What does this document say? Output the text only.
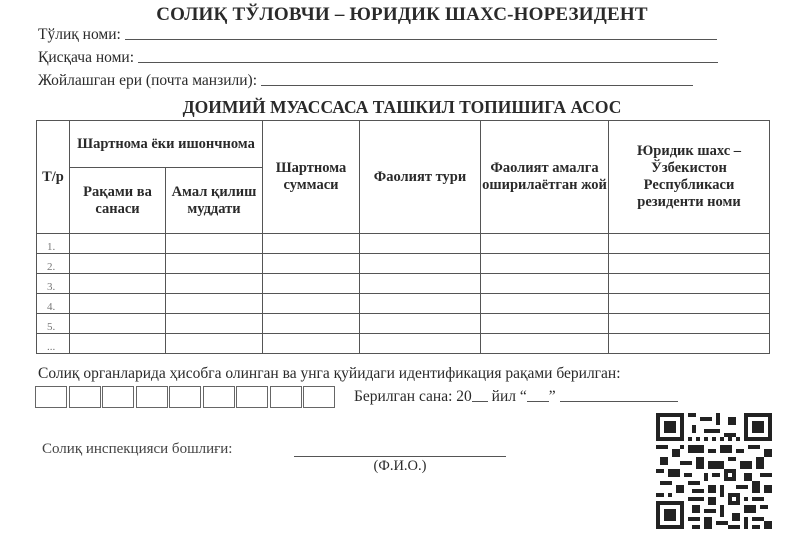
СОЛИҚ ТЎЛОВЧИ – ЮРИДИК ШАХС-НОРЕЗИДЕНТ
Тўлиқ номи:
Қисқача номи:
Жойлашган ери (почта манзили):
ДОИМИЙ МУАССАСА ТАШКИЛ ТОПИШИГА АСОС
Т/р	Шартнома ёки ишончнома		Шартнома суммаси	Фаолият тури	Фаолият амалга оширилаётган жой	Юридик шахс – Ўзбекистон Республикаси резиденти номи
	Рақами ва санаси	Амал қилиш муддати				
1.						
2.						
3.						
4.						
5.						
...						
Солиқ органларида ҳисобга олинган ва унга қуйидаги идентификация рақами берилган:
Берилган сана: 20 йил “ ”
Солиқ инспекцияси бошлиғи:
(Ф.И.О.)
